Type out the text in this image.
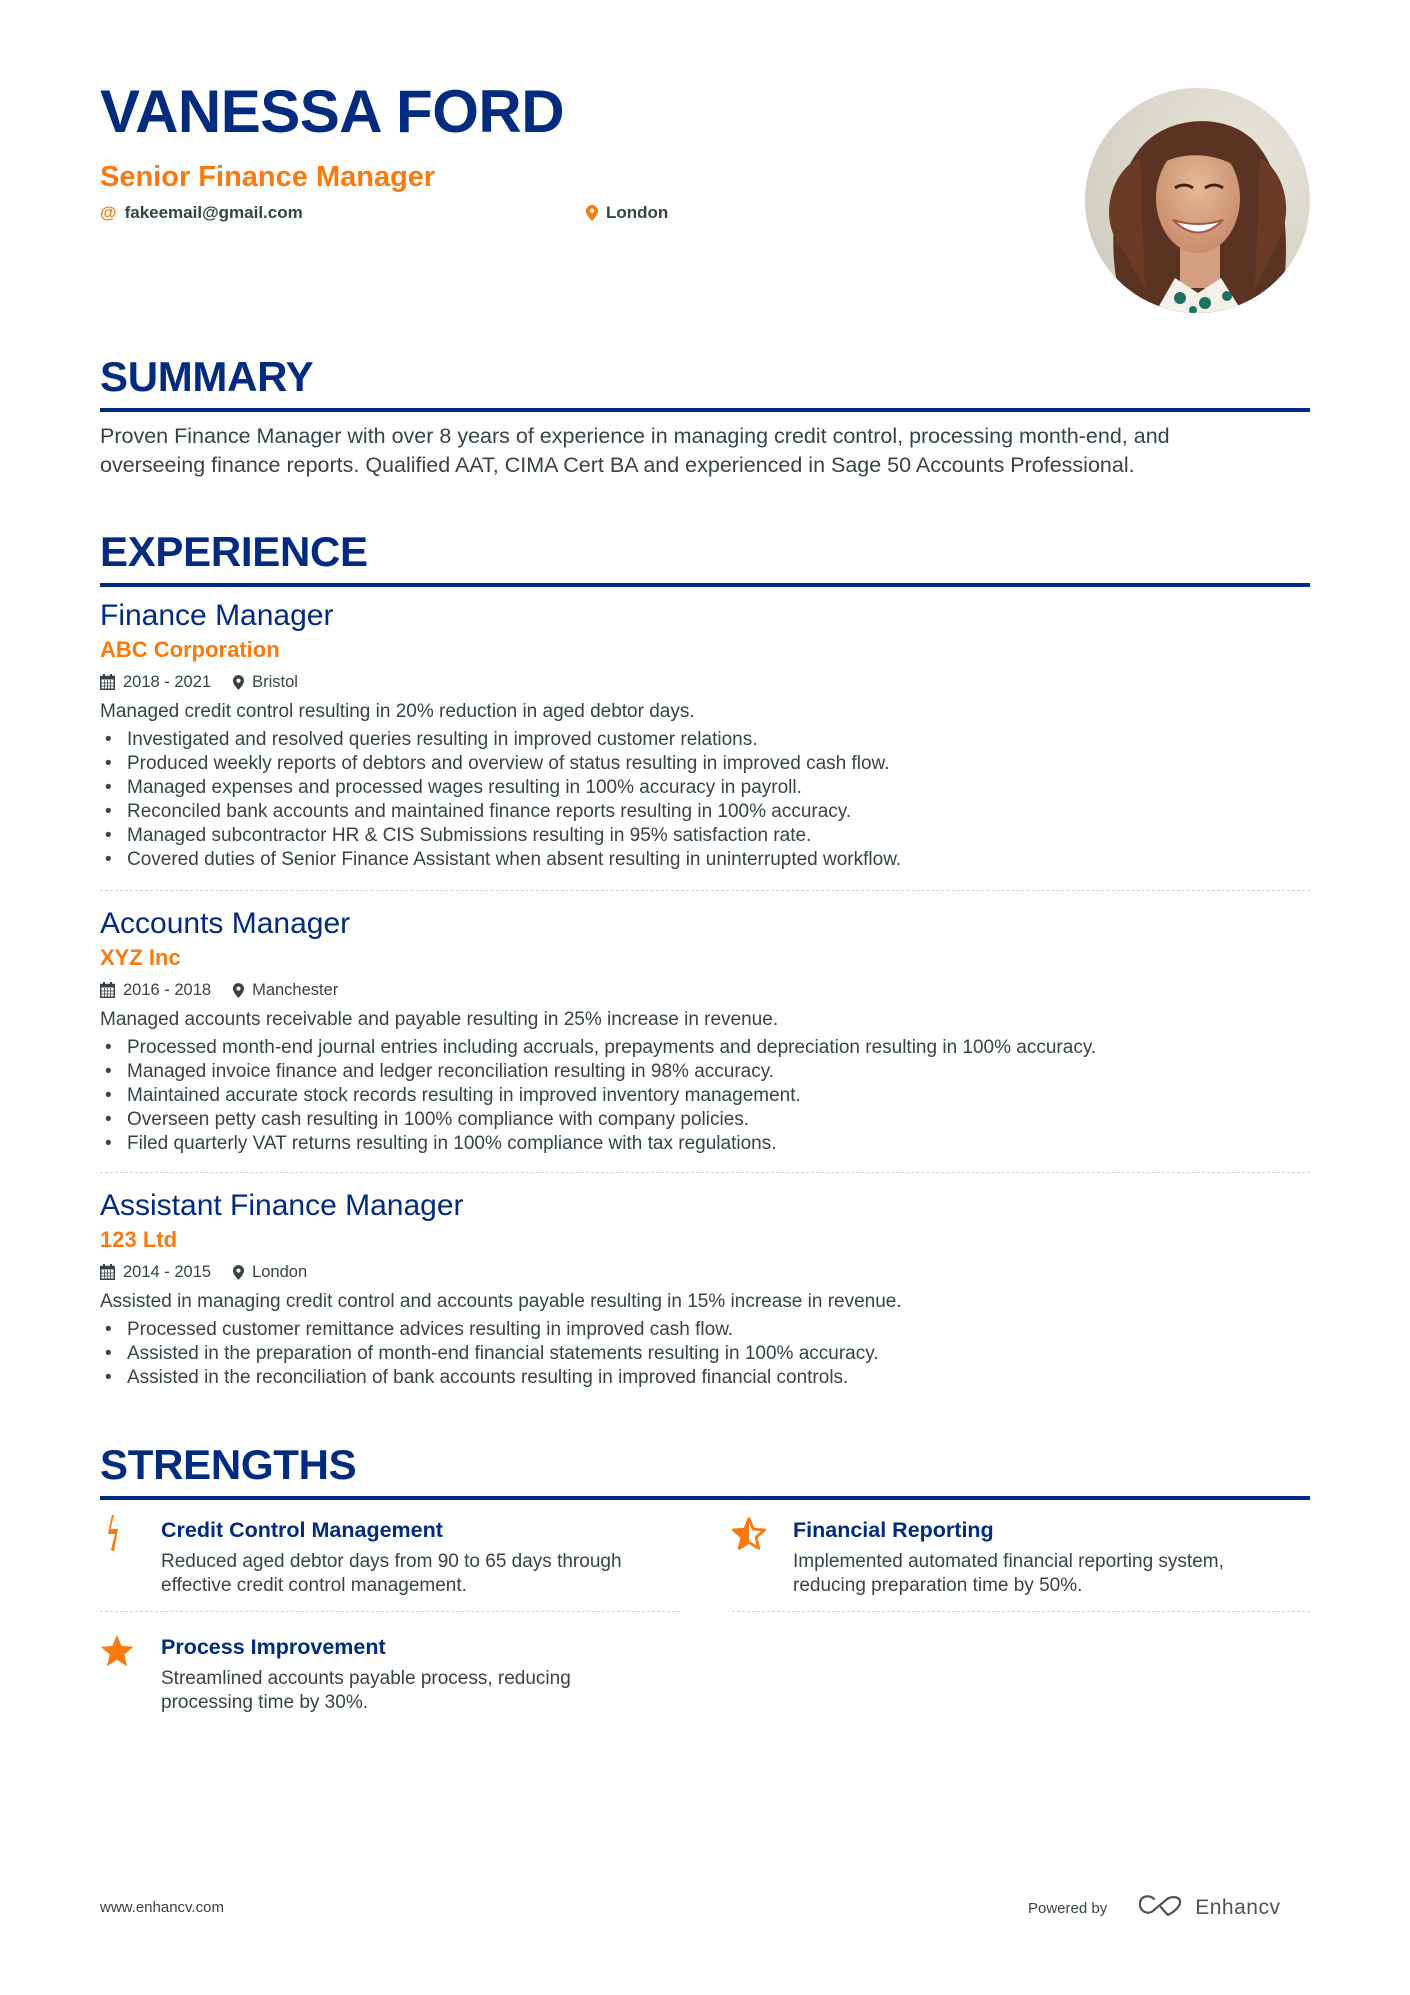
VANESSA FORD
Senior Finance Manager
@ fakeemail@gmail.com	London
SUMMARY
Proven Finance Manager with over 8 years of experience in managing credit control, processing month-end, and
overseeing finance reports. Qualified AAT, CIMA Cert BA and experienced in Sage 50 Accounts Professional.
EXPERIENCE
Finance Manager
ABC Corporation
2018 - 2021 Bristol
Managed credit control resulting in 20% reduction in aged debtor days.
• Investigated and resolved queries resulting in improved customer relations.
• Produced weekly reports of debtors and overview of status resulting in improved cash flow.
• Managed expenses and processed wages resulting in 100% accuracy in payroll.
• Reconciled bank accounts and maintained finance reports resulting in 100% accuracy.
• Managed subcontractor HR & CIS Submissions resulting in 95% satisfaction rate.
• Covered duties of Senior Finance Assistant when absent resulting in uninterrupted workflow.
Accounts Manager
XYZ Inc
2016 - 2018 Manchester
Managed accounts receivable and payable resulting in 25% increase in revenue.
• Processed month-end journal entries including accruals, prepayments and depreciation resulting in 100% accuracy.
• Managed invoice finance and ledger reconciliation resulting in 98% accuracy.
• Maintained accurate stock records resulting in improved inventory management.
• Overseen petty cash resulting in 100% compliance with company policies.
• Filed quarterly VAT returns resulting in 100% compliance with tax regulations.
Assistant Finance Manager
123 Ltd
2014 - 2015 London
Assisted in managing credit control and accounts payable resulting in 15% increase in revenue.
• Processed customer remittance advices resulting in improved cash flow.
• Assisted in the preparation of month-end financial statements resulting in 100% accuracy.
• Assisted in the reconciliation of bank accounts resulting in improved financial controls.
STRENGTHS
Credit Control Management
Reduced aged debtor days from 90 to 65 days through
effective credit control management.
Financial Reporting
Implemented automated financial reporting system,
reducing preparation time by 50%.
Process Improvement
Streamlined accounts payable process, reducing
processing time by 30%.
www.enhancv.com	Powered by	Enhancv
